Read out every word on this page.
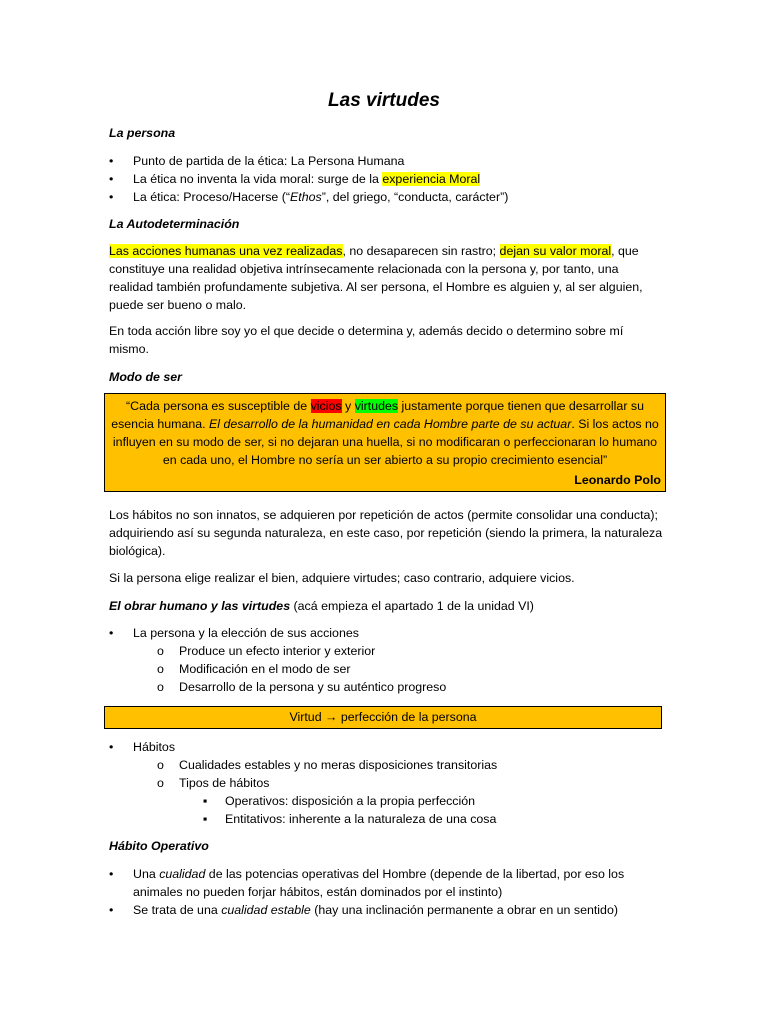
Las virtudes
La persona
• Punto de partida de la ética: La Persona Humana
• La ética no inventa la vida moral: surge de la experiencia Moral
• La ética: Proceso/Hacerse (“Ethos”, del griego, “conducta, carácter”)
La Autodeterminación
Las acciones humanas una vez realizadas, no desaparecen sin rastro; dejan su valor moral, que constituye una realidad objetiva intrínsecamente relacionada con la persona y, por tanto, una realidad también profundamente subjetiva. Al ser persona, el Hombre es alguien y, al ser alguien, puede ser bueno o malo.
En toda acción libre soy yo el que decide o determina y, además decido o determino sobre mí mismo.
Modo de ser
“Cada persona es susceptible de vicios y virtudes justamente porque tienen que desarrollar su esencia humana. El desarrollo de la humanidad en cada Hombre parte de su actuar. Si los actos no influyen en su modo de ser, si no dejaran una huella, si no modificaran o perfeccionaran lo humano en cada uno, el Hombre no sería un ser abierto a su propio crecimiento esencial”
Leonardo Polo
Los hábitos no son innatos, se adquieren por repetición de actos (permite consolidar una conducta); adquiriendo así su segunda naturaleza, en este caso, por repetición (siendo la primera, la naturaleza biológica).
Si la persona elige realizar el bien, adquiere virtudes; caso contrario, adquiere vicios.
El obrar humano y las virtudes (acá empieza el apartado 1 de la unidad VI)
• La persona y la elección de sus acciones
o Produce un efecto interior y exterior
o Modificación en el modo de ser
o Desarrollo de la persona y su auténtico progreso
Virtud → perfección de la persona
• Hábitos
o Cualidades estables y no meras disposiciones transitorias
o Tipos de hábitos
▪ Operativos: disposición a la propia perfección
▪ Entitativos: inherente a la naturaleza de una cosa
Hábito Operativo
• Una cualidad de las potencias operativas del Hombre (depende de la libertad, por eso los animales no pueden forjar hábitos, están dominados por el instinto)
• Se trata de una cualidad estable (hay una inclinación permanente a obrar en un sentido)
